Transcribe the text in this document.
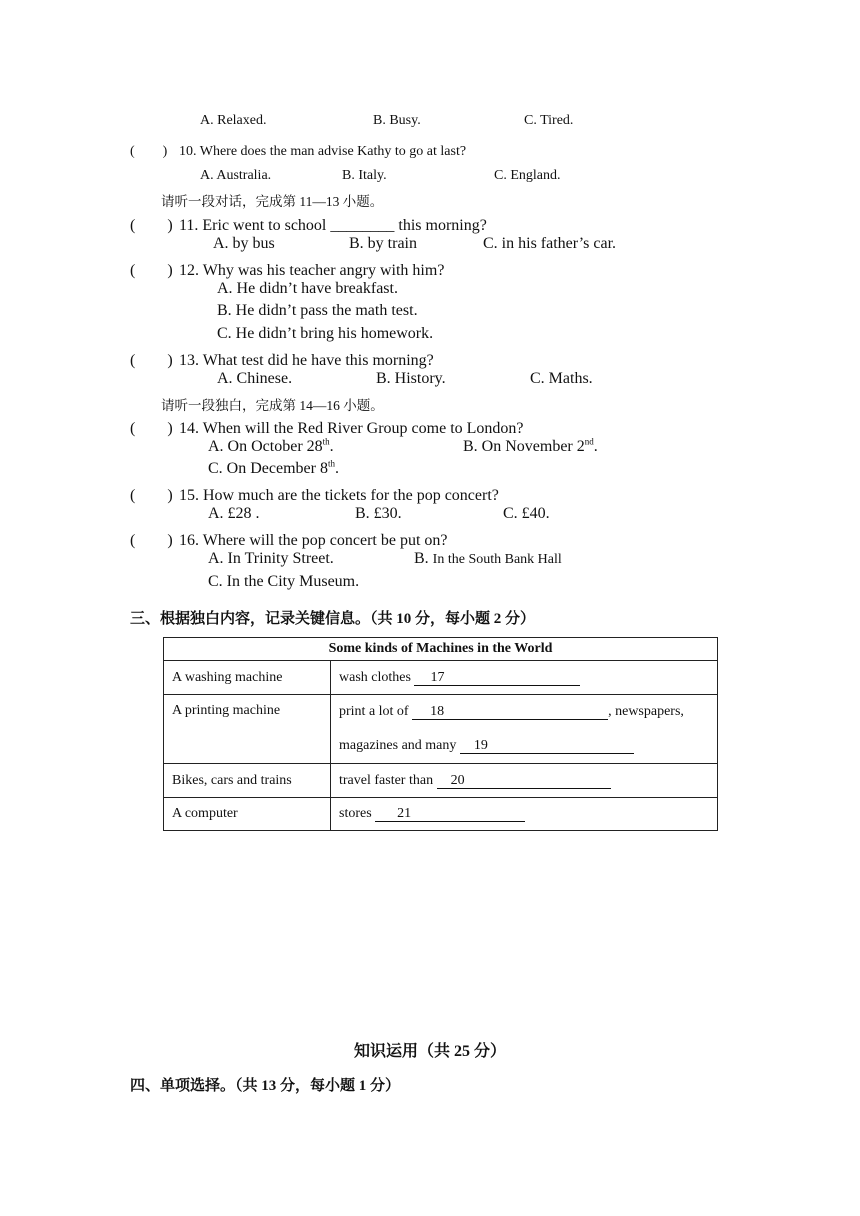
A. Relaxed.	B. Busy.	C. Tired.
(　　) 10. Where does the man advise Kathy to go at last?
A. Australia.	B. Italy.	C. England.
请听一段对话，完成第 11—13 小题。
(　　) 11. Eric went to school ________ this morning?
A. by bus	B. by train	C. in his father’s car.
(　　) 12. Why was his teacher angry with him?
A. He didn’t have breakfast.
B. He didn’t pass the math test.
C. He didn’t bring his homework.
(　　) 13. What test did he have this morning?
A. Chinese.	B. History.	C. Maths.
请听一段独白，完成第 14—16 小题。
(　　) 14. When will the Red River Group come to London?
A. On October 28th.	B. On November 2nd.
C. On December 8th.
(　　) 15. How much are the tickets for the pop concert?
A. £28 .	B. £30.	C. £40.
(　　) 16. Where will the pop concert be put on?
A. In Trinity Street.	B. In the South Bank Hall
C. In the City Museum.
三、根据独白内容，记录关键信息。（共 10 分，每小题 2 分）
Some kinds of Machines in the World	
A washing machine	wash clothes 17
A printing machine	print a lot of 18 , newspapers,
magazines and many 19

Bikes, cars and trains	travel faster than 20
A computer	stores 21
知识运用（共 25 分）
四、单项选择。（共 13 分，每小题 1 分）
